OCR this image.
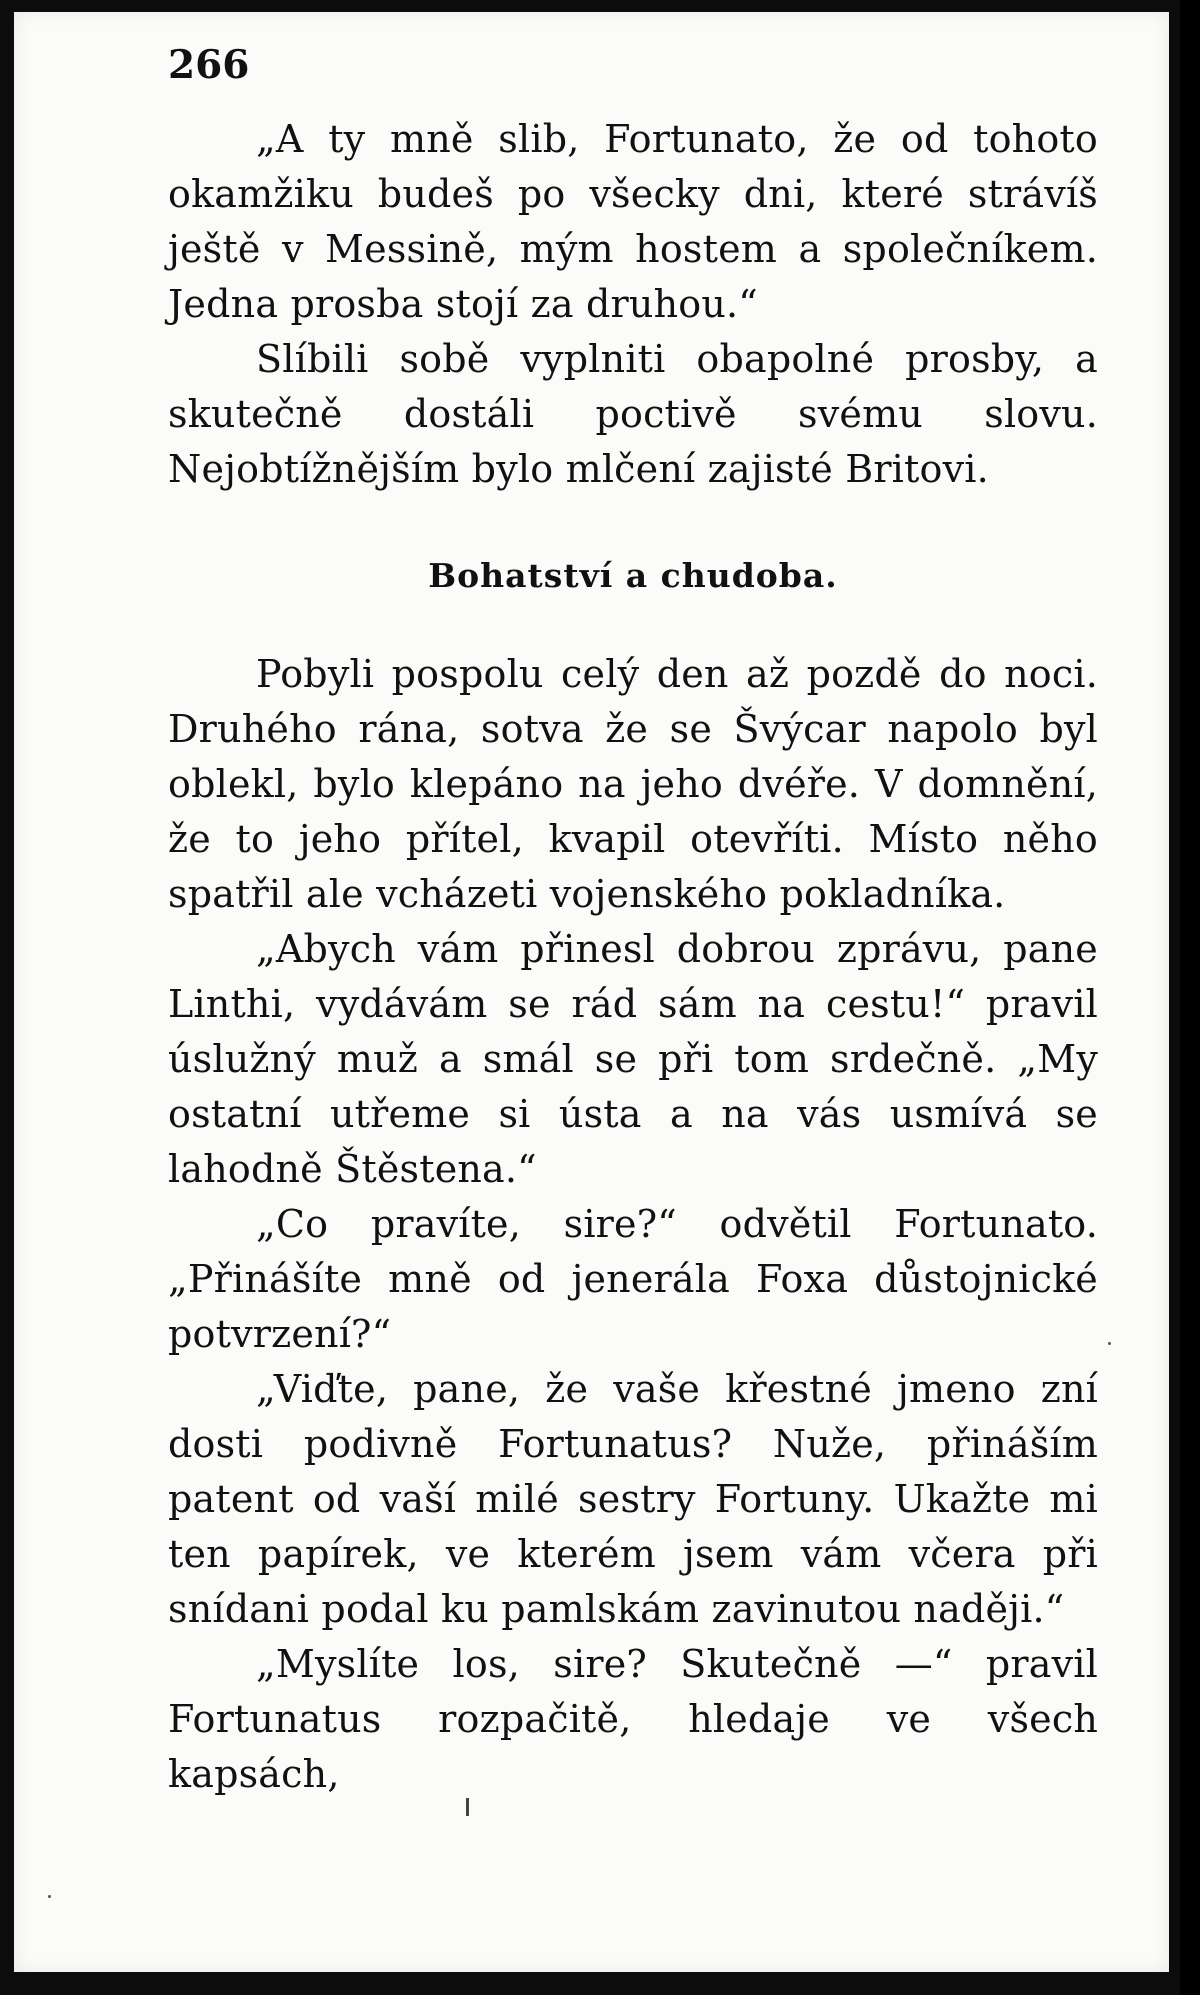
266

„A ty mně slib, Fortunato, že od tohoto okamžiku budeš po všecky dni, které strávíš ještě v Messině, mým hostem a společníkem. Jedna prosba stojí za druhou.“

Slíbili sobě vyplniti obapolné prosby, a skutečně dostáli poctivě svému slovu. Nejobtížnějším bylo mlčení zajisté Britovi.

Bohatství a chudoba.

Pobyli pospolu celý den až pozdě do noci. Druhého rána, sotva že se Švýcar napolo byl oblekl, bylo klepáno na jeho dvéře. V domnění, že to jeho přítel, kvapil otevříti. Místo něho spatřil ale vcházeti vojenského pokladníka.

„Abych vám přinesl dobrou zprávu, pane Linthi, vydávám se rád sám na cestu!“ pravil úslužný muž a smál se při tom srdečně. „My ostatní utřeme si ústa a na vás usmívá se lahodně Štěstena.“

„Co pravíte, sire?“ odvětil Fortunato. „Přinášíte mně od jenerála Foxa důstojnické potvrzení?“

„Viďte, pane, že vaše křestné jmeno zní dosti podivně Fortunatus? Nuže, přináším patent od vaší milé sestry Fortuny. Ukažte mi ten papírek, ve kterém jsem vám včera při snídani podal ku pamlskám zavinutou naději.“

„Myslíte los, sire? Skutečně —“ pravil Fortunatus rozpačitě, hledaje ve všech kapsách,
